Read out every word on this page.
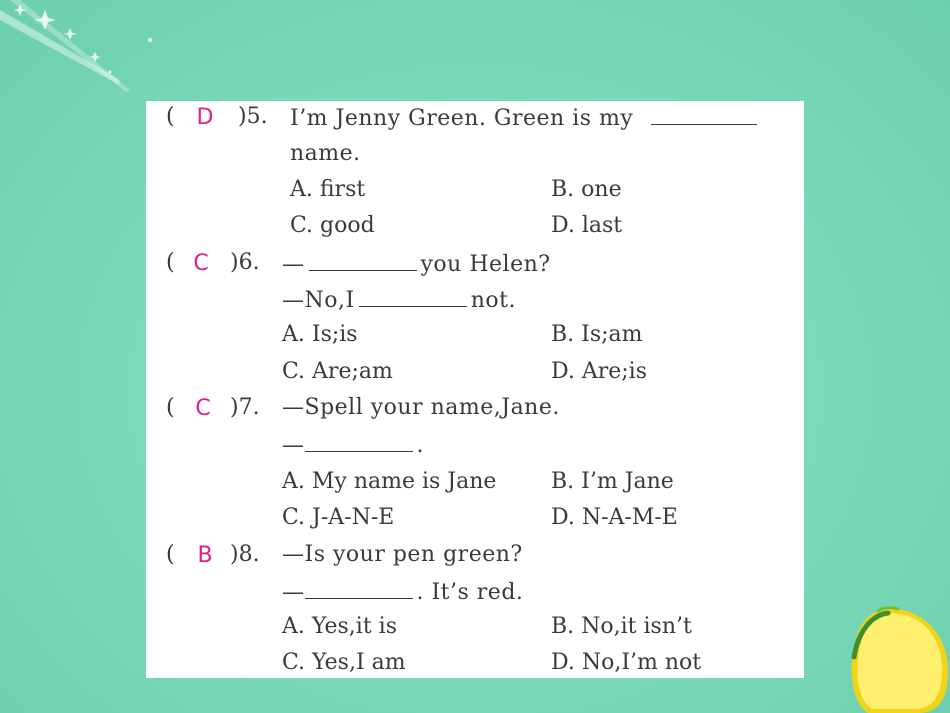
( D )5. I’m Jenny Green. Green is my
name.
A. first	B. one
C. good	D. last
( C )6. —	you Helen?
—No,I	not.
A. Is;is	B. Is;am
C. Are;am	D. Are;is
( C )7. —Spell your name,Jane.
—	.
A. My name is Jane B. I’m Jane
C. J-A-N-E	D. N-A-M-E
(	B )8. —Is your pen green?
—	. It’s red.
A. Yes,it is	B. No,it isn’t
C. Yes,I am	D. No,I’m not
